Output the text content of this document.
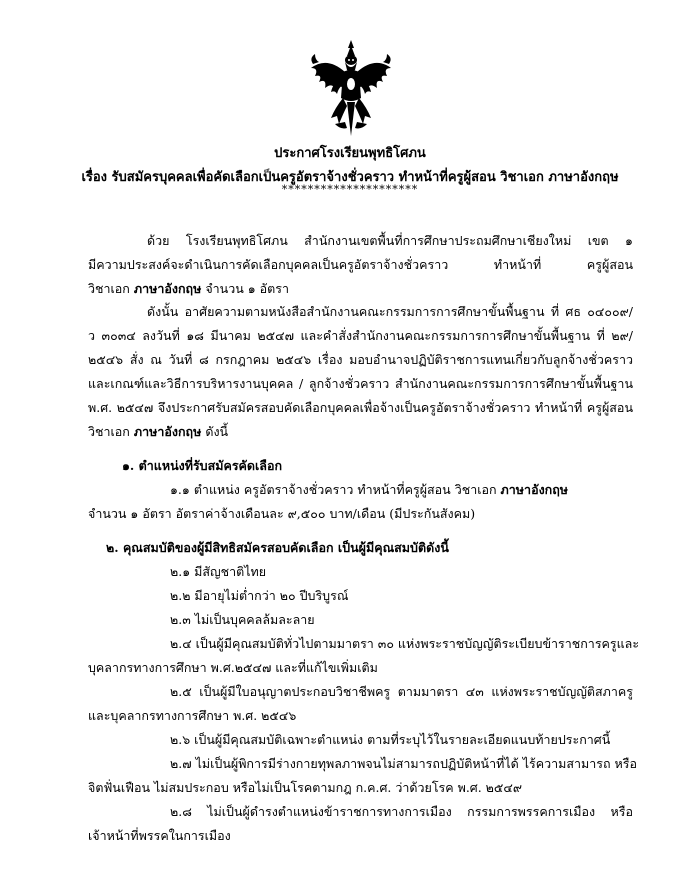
ประกาศโรงเรียนพุทธิโศภน
เรื่อง รับสมัครบุคคลเพื่อคัดเลือกเป็นครูอัตราจ้างชั่วคราว ทำหน้าที่ครูผู้สอน วิชาเอก ภาษาอังกฤษ
*********************
ด้วย โรงเรียนพุทธิโศภน สำนักงานเขตพื้นที่การศึกษาประถมศึกษาเชียงใหม่ เขต ๑
มีความประสงค์จะดำเนินการคัดเลือกบุคคลเป็นครูอัตราจ้างชั่วคราว ทำหน้าที่ ครูผู้สอน
วิชาเอก ภาษาอังกฤษ จำนวน ๑ อัตรา
ดังนั้น อาศัยความตามหนังสือสำนักงานคณะกรรมการการศึกษาขั้นพื้นฐาน ที่ ศธ ๐๔๐๐๙/
ว ๓๐๓๔ ลงวันที่ ๑๘ มีนาคม ๒๕๔๗ และคำสั่งสำนักงานคณะกรรมการการศึกษาขั้นพื้นฐาน ที่ ๒๙/
๒๕๔๖ สั่ง ณ วันที่ ๘ กรกฎาคม ๒๕๔๖ เรื่อง มอบอำนาจปฏิบัติราชการแทนเกี่ยวกับลูกจ้างชั่วคราว
และเกณฑ์และวิธีการบริหารงานบุคคล / ลูกจ้างชั่วคราว สำนักงานคณะกรรมการการศึกษาขั้นพื้นฐาน
พ.ศ. ๒๕๔๗ จึงประกาศรับสมัครสอบคัดเลือกบุคคลเพื่อจ้างเป็นครูอัตราจ้างชั่วคราว ทำหน้าที่ ครูผู้สอน
วิชาเอก ภาษาอังกฤษ ดังนี้
๑. ตำแหน่งที่รับสมัครคัดเลือก
๑.๑ ตำแหน่ง ครูอัตราจ้างชั่วคราว ทำหน้าที่ครูผู้สอน วิชาเอก ภาษาอังกฤษ
จำนวน ๑ อัตรา อัตราค่าจ้างเดือนละ ๙,๕๐๐ บาท/เดือน (มีประกันสังคม)
๒. คุณสมบัติของผู้มีสิทธิสมัครสอบคัดเลือก เป็นผู้มีคุณสมบัติดังนี้
๒.๑ มีสัญชาติไทย
๒.๒ มีอายุไม่ต่ำกว่า ๒๐ ปีบริบูรณ์
๒.๓ ไม่เป็นบุคคลล้มละลาย
๒.๔ เป็นผู้มีคุณสมบัติทั่วไปตามมาตรา ๓๐ แห่งพระราชบัญญัติระเบียบข้าราชการครูและ
บุคลากรทางการศึกษา พ.ศ.๒๕๔๗ และที่แก้ไขเพิ่มเติม
๒.๕ เป็นผู้มีใบอนุญาตประกอบวิชาชีพครู ตามมาตรา ๔๓ แห่งพระราชบัญญัติสภาครู
และบุคลากรทางการศึกษา พ.ศ. ๒๕๔๖
๒.๖ เป็นผู้มีคุณสมบัติเฉพาะตำแหน่ง ตามที่ระบุไว้ในรายละเอียดแนบท้ายประกาศนี้
๒.๗ ไม่เป็นผู้พิการมีร่างกายทุพลภาพจนไม่สามารถปฏิบัติหน้าที่ได้ ไร้ความสามารถ หรือ
จิตฟั่นเฟือน ไม่สมประกอบ หรือไม่เป็นโรคตามกฎ ก.ค.ศ. ว่าด้วยโรค พ.ศ. ๒๕๔๙
๒.๘ ไม่เป็นผู้ดำรงตำแหน่งข้าราชการทางการเมือง กรรมการพรรคการเมือง หรือ
เจ้าหน้าที่พรรคในการเมือง
